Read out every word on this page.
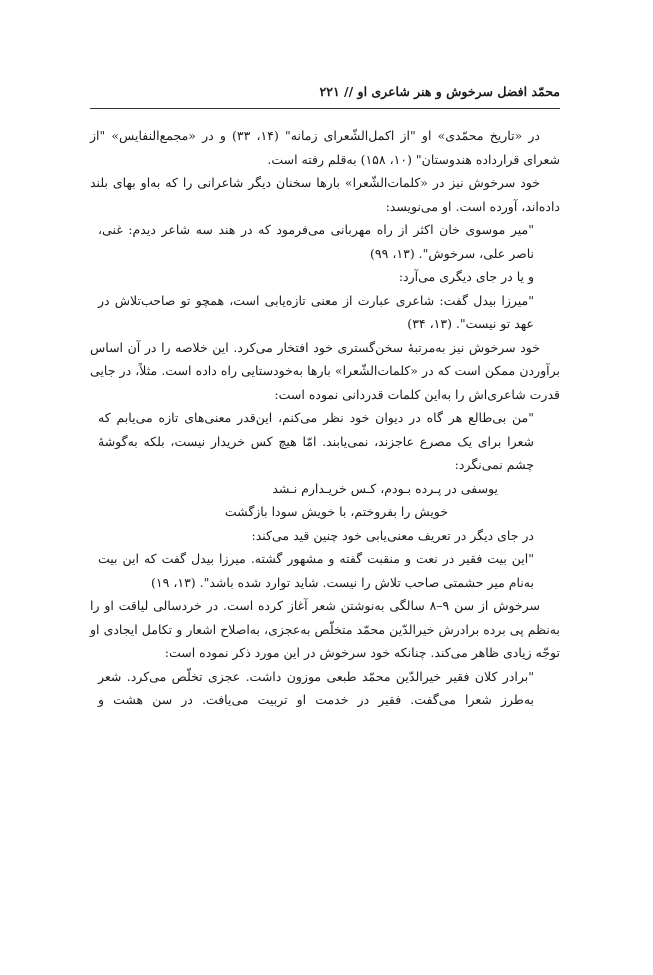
محمّد افضل سرخوش و هنر شاعری او // ۲۲۱

در «تاریخ محمّدی» او "از اکمل‌الشّعرای زمانه" (۱۴، ۳۳) و در «مجمع‌النفایس» "از شعرای قرارداده هندوستان" (۱۰، ۱۵۸) به‌قلم رفته است.

خود سرخوش نیز در «کلمات‌الشّعرا» بارها سخنان دیگر شاعرانی را که به‌او بهای بلند داده‌اند، آورده است. او می‌نویسد:

"میر موسوی خان اکثر از راه مهربانی می‌فرمود که در هند سه شاعر دیدم: غنی، ناصر علی، سرخوش". (۱۳، ۹۹)

و یا در جای دیگری می‌آرد:

"میرزا بیدل گفت: شاعری عبارت از معنی تازه‌یابی است، همچو تو صاحب‌تلاش در عهد تو نیست". (۱۳، ۳۴)

خود سرخوش نیز به‌مرتبهٔ سخن‌گستری خود افتخار می‌کرد. این خلاصه را در آن اساس برآوردن ممکن است که در «کلمات‌الشّعرا» بارها به‌خودستایی راه داده است. مثلاً، در جایی قدرت شاعری‌اش را به‌این کلمات قدردانی نموده است:

"من بی‌طالع هر گاه در دیوان خود نظر می‌کنم، این‌قدر معنی‌های تازه می‌یابم که شعرا برای یک مصرع عاجزند، نمی‌یابند. امّا هیچ کس خریدار نیست، بلکه به‌گوشهٔ چشم نمی‌نگرد:

یوسفی در پـرده بـودم، کـس خریـدارم نـشد

خویش را بفروختم، با خویش سودا بازگشت

در جای دیگر در تعریف معنی‌یابی خود چنین قید می‌کند:

"این بیت فقیر در نعت و منقبت گفته و مشهور گشته. میرزا بیدل گفت که این بیت به‌نام میر حشمتی صاحب تلاش را نیست. شاید توارد شده باشد". (۱۳، ۱۹)

سرخوش از سن ۹–۸ سالگی به‌نوشتن شعر آغاز کرده است. در خردسالی لیاقت او را به‌نظم پی برده برادرش خیرالدّین محمّد متخلّص به‌عجزی، به‌اصلاح اشعار و تکامل ایجادی او توجّه زیادی ظاهر می‌کند. چنانکه خود سرخوش در این مورد ذکر نموده است:

"برادر کلان فقیر خیرالدّین محمّد طبعی موزون داشت. عجزی تخلّص می‌کرد. شعر به‌طرز شعرا می‌گفت. فقیر در خدمت او تربیت می‌یافت. در سن هشت و
